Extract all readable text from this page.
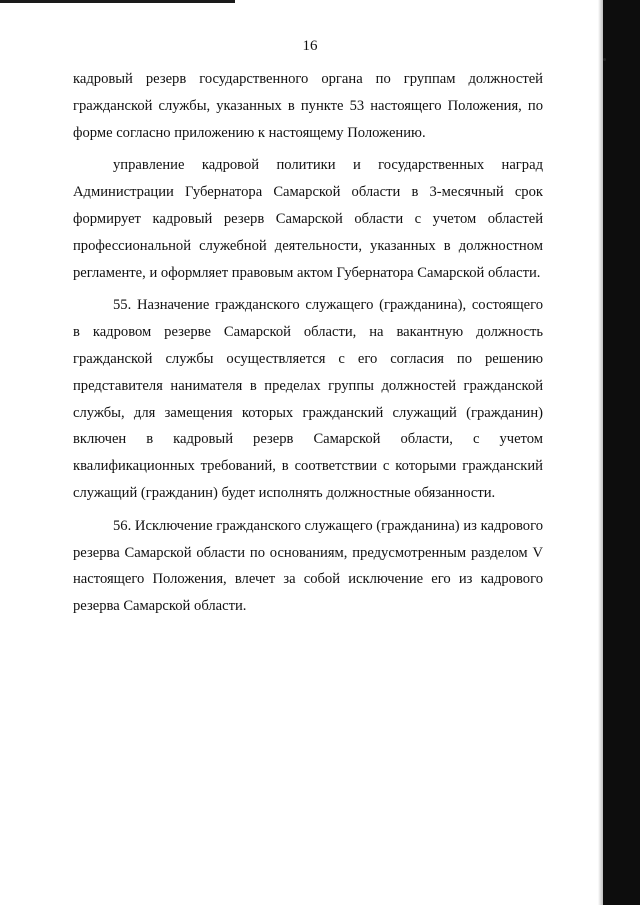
16

кадровый резерв государственного органа по группам должностей гражданской службы, указанных в пункте 53 настоящего Положения, по форме согласно приложению к настоящему Положению.

управление кадровой политики и государственных наград Администрации Губернатора Самарской области в 3-месячный срок формирует кадровый резерв Самарской области с учетом областей профессиональной служебной деятельности, указанных в должностном регламенте, и оформляет правовым актом Губернатора Самарской области.

55. Назначение гражданского служащего (гражданина), состоящего в кадровом резерве Самарской области, на вакантную должность гражданской службы осуществляется с его согласия по решению представителя нанимателя в пределах группы должностей гражданской службы, для замещения которых гражданский служащий (гражданин) включен в кадровый резерв Самарской области, с учетом квалификационных требований, в соответствии с которыми гражданский служащий (гражданин) будет исполнять должностные обязанности.

56. Исключение гражданского служащего (гражданина) из кадрового резерва Самарской области по основаниям, предусмотренным разделом V настоящего Положения, влечет за собой исключение его из кадрового резерва Самарской области.
